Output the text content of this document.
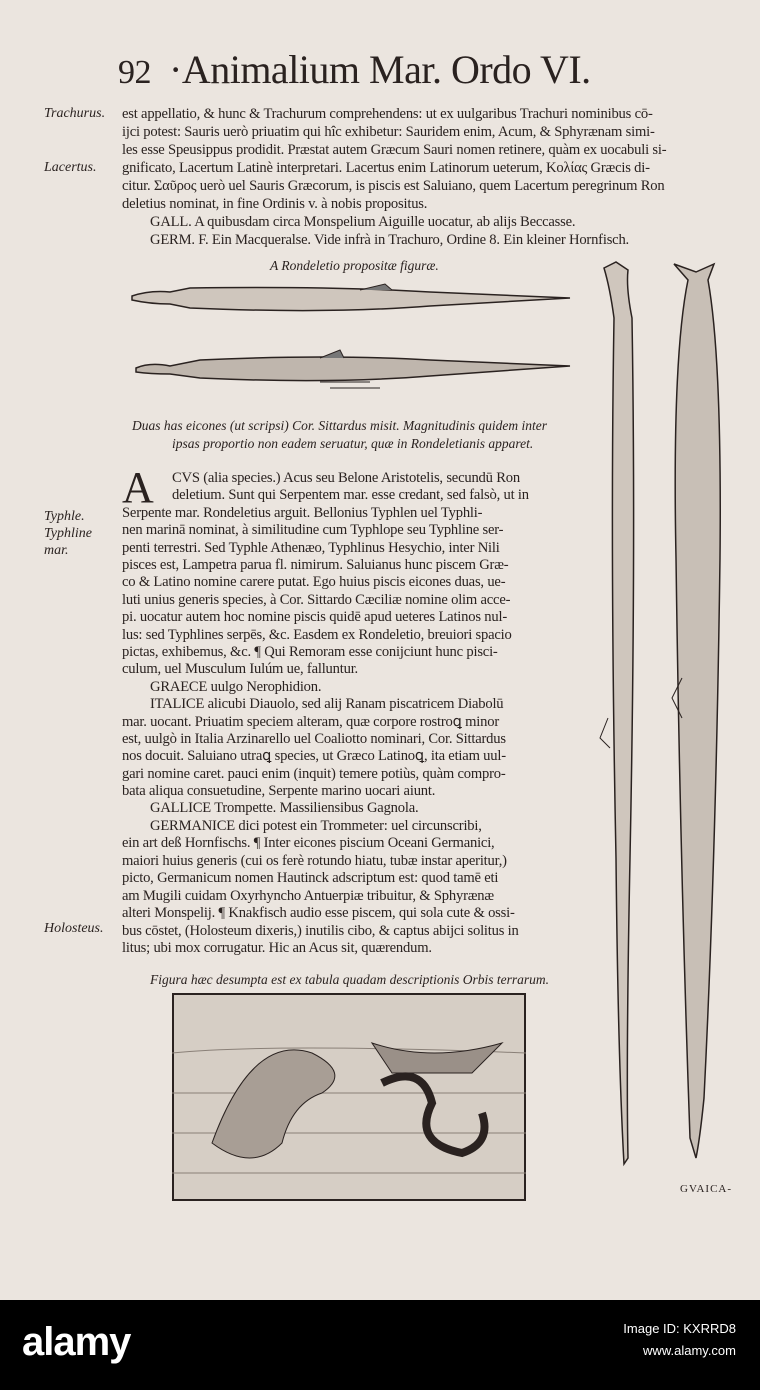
92 ·Animalium Mar. Ordo VI.
Trachurus.
Lacertus.
A Rondeletio propositæ figuræ.
Duas has eicones (ut scripsi) Cor. Sittardus misit. Magnitudinis quidem inter
ipsas proportio non eadem seruatur, quæ in Rondeletianis apparet.
A
Typhle.
Typhline
mar.
Holosteus.
Figura hæc desumpta est ex tabula quadam descriptionis Orbis terrarum.
GVAICA-
est appellatio, & hunc & Trachurum comprehendens: ut ex uulgaribus Trachuri nominibus cō-
ijci potest: Sauris uerò priuatim qui hîc exhibetur: Sauridem enim, Acum, & Sphyrænam simi-
les esse Speusippus prodidit. Præstat autem Græcum Sauri nomen retinere, quàm ex uocabuli si-
gnificato, Lacertum Latinè interpretari. Lacertus enim Latinorum ueterum, Κολίας Græcis di-
citur. Σαῦρος uerò uel Sauris Græcorum, is piscis est Saluiano, quem Lacertum peregrinum Ron
deletius nominat, in fine Ordinis v. à nobis propositus.
GALL. A quibusdam circa Monspelium Aiguille uocatur, ab alijs Beccasse.
GERM. F. Ein Macqueralse. Vide infrà in Trachuro, Ordine 8. Ein kleiner Hornfisch.
CVS (alia species.) Acus seu Belone Aristotelis, secundū Ron
deletium. Sunt qui Serpentem mar. esse credant, sed falsò, ut in
Serpente mar. Rondeletius arguit. Bellonius Typhlen uel Typhli-
nen marinā nominat, à similitudine cum Typhlope seu Typhline ser-
penti terrestri. Sed Typhle Athenæo, Typhlinus Hesychio, inter Nili
pisces est, Lampetra parua fl. nimirum. Saluianus hunc piscem Græ-
co & Latino nomine carere putat. Ego huius piscis eicones duas, ue-
luti unius generis species, à Cor. Sittardo Cæciliæ nomine olim acce-
pi. uocatur autem hoc nomine piscis quidē apud ueteres Latinos nul-
lus: sed Typhlines serpēs, &c. Easdem ex Rondeletio, breuiori spacio
pictas, exhibemus, &c. ¶ Qui Remoram esse conijciunt hunc pisci-
culum, uel Musculum Iulúm ue, falluntur.
GRAECE uulgo Nerophidion.
ITALICE alicubi Diauolo, sed alij Ranam piscatricem Diabolū
mar. uocant. Priuatim speciem alteram, quæ corpore rostroꝗ minor
est, uulgò in Italia Arzinarello uel Coaliotto nominari, Cor. Sittardus
nos docuit. Saluiano utraꝗ species, ut Græco Latinoꝗ, ita etiam uul-
gari nomine caret. pauci enim (inquit) temere potiùs, quàm compro-
bata aliqua consuetudine, Serpente marino uocari aiunt.
GALLICE Trompette. Massiliensibus Gagnola.
GERMANICE dici potest ein Trommeter: uel circunscribi,
ein art deß Hornfischs. ¶ Inter eicones piscium Oceani Germanici,
maiori huius generis (cui os ferè rotundo hiatu, tubæ instar aperitur,)
picto, Germanicum nomen Hautinck adscriptum est: quod tamē eti
am Mugili cuidam Oxyrhyncho Antuerpiæ tribuitur, & Sphyrænæ
alteri Monspelij. ¶ Knakfisch audio esse piscem, qui sola cute & ossi-
bus cōstet, (Holosteum dixeris,) inutilis cibo, & captus abijci solitus in
litus; ubi mox corrugatur. Hic an Acus sit, quærendum.
alamy	Image ID: KXRRD8
www.alamy.com
